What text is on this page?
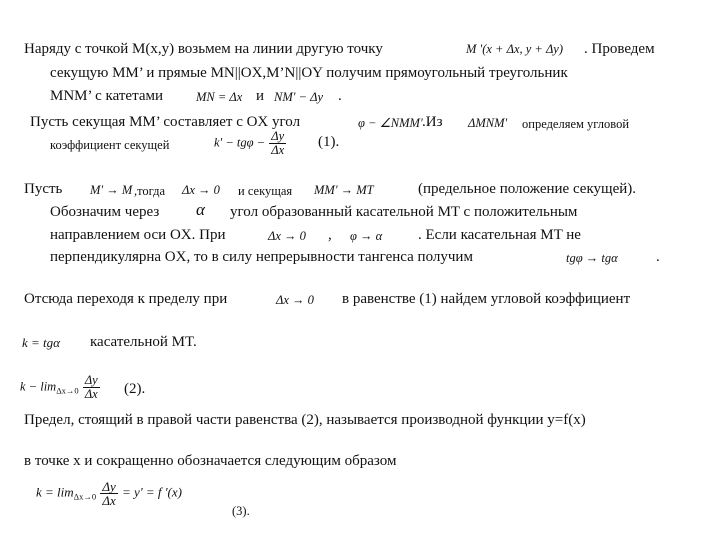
Наряду с точкой M(x,y) возьмем на линии другую точку	M '(x + Δx, y + Δy) . Проведем
секущую MM’ и прямые MN||OX,M’N||OY получим прямоугольный треугольник
MNM’ с катетами	MN = Δx и NM' − Δy .
Пусть секущая MM’ составляет с OX угол	φ − ∠NMM' .Из ΔMNM' определяем угловой
коэффициент секущей	$k' - tg\varphi - \frac{\Delta y}{\Delta x} (1)$.
Пусть M' → M ,тогда Δx → 0 и секущая MM' → MT	(предельное положение секущей).
Обозначим через α угол образованный касательной MT с положительным
направлением оси OX. При	Δx → 0 , φ → α . Если касательная MT не
перпендикулярна OX, то в силу непрерывности тангенса получим	tgφ → tgα	.
Отсюда переходя к пределу при	Δx → 0 в равенстве (1) найдем угловой коэффициент
k = tgα касательной MT.
$k - \lim_{\Delta x\to 0} \frac{\Delta y}{\Delta x} (2)$.
Предел, стоящий в правой части равенства (2), называется производной функции y=f(x)
в точке x и сокращенно обозначается следующим образом
$k = \lim_{\Delta x\to 0} \frac{\Delta y}{\Delta x} = y' = f$ '(x)
(3).
